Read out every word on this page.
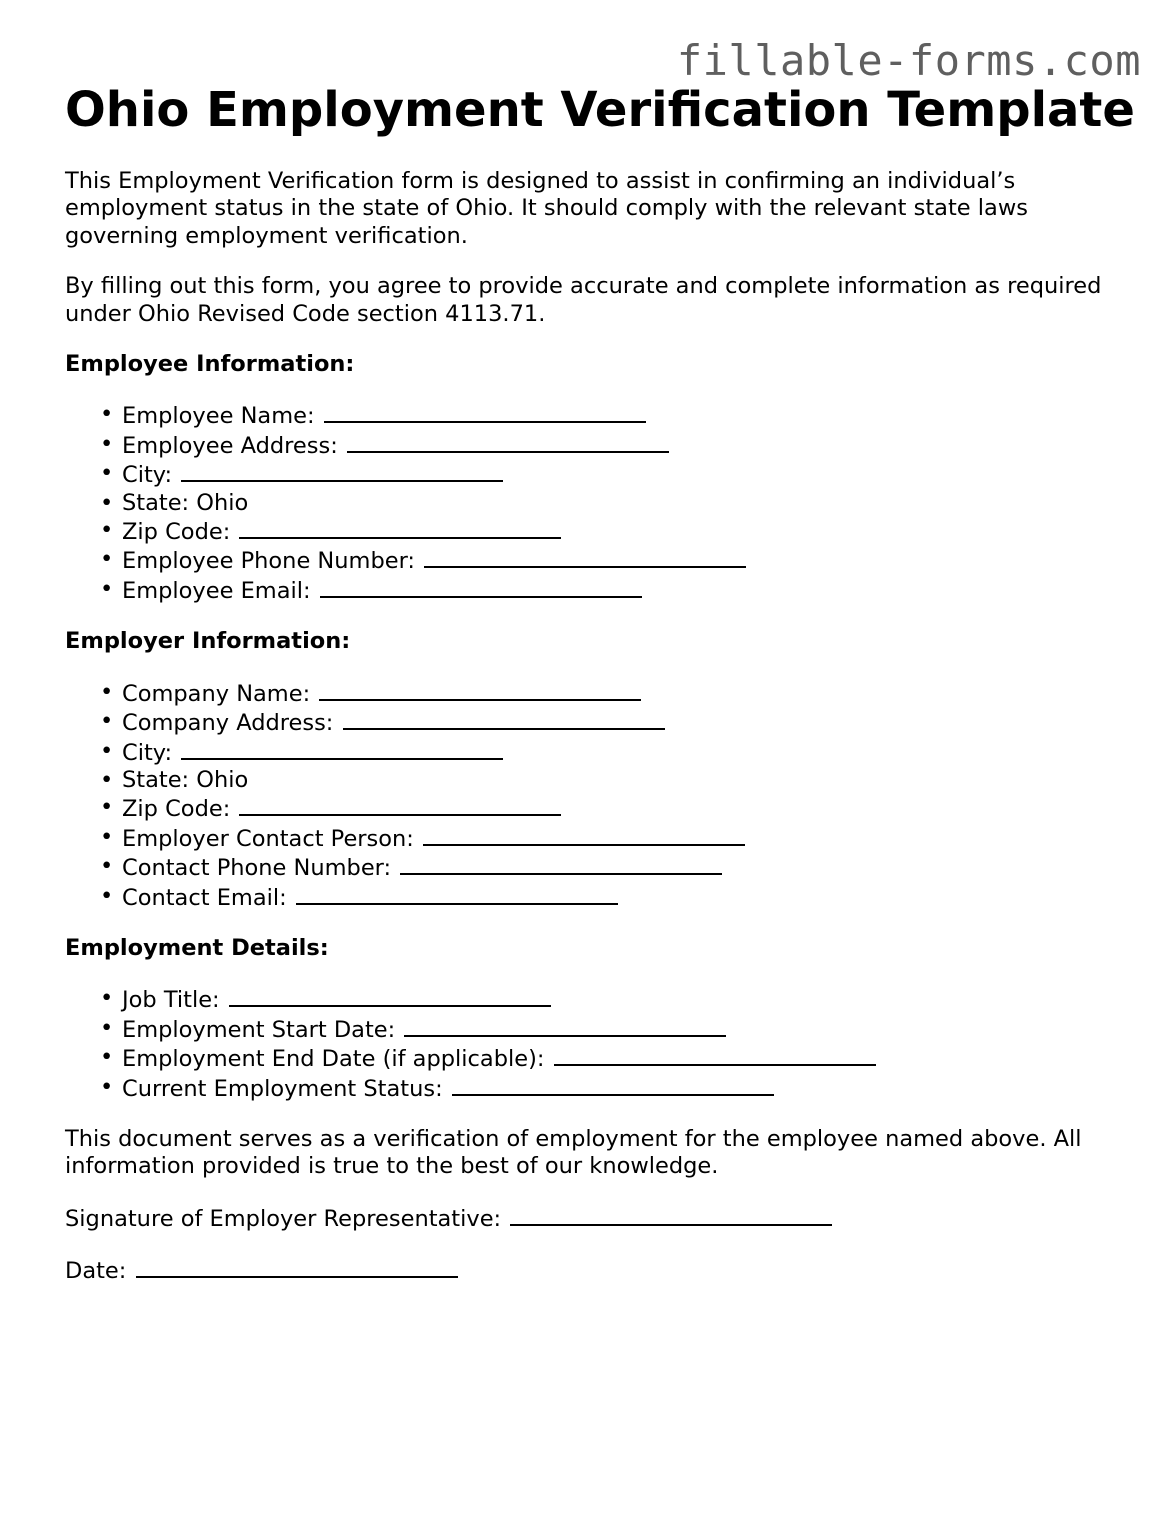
fillable-forms.com
Ohio Employment Verification Template

This Employment Verification form is designed to assist in confirming an individual’s employment status in the state of Ohio. It should comply with the relevant state laws governing employment verification.

By filling out this form, you agree to provide accurate and complete information as required under Ohio Revised Code section 4113.71.

Employee Information:
• Employee Name:
• Employee Address:
• City:
• State: Ohio
• Zip Code:
• Employee Phone Number:
• Employee Email:
Employer Information:
• Company Name:
• Company Address:
• City:
• State: Ohio
• Zip Code:
• Employer Contact Person:
• Contact Phone Number:
• Contact Email:
Employment Details:
• Job Title:
• Employment Start Date:
• Employment End Date (if applicable):
• Current Employment Status:

This document serves as a verification of employment for the employee named above. All information provided is true to the best of our knowledge.

Signature of Employer Representative:

Date:
